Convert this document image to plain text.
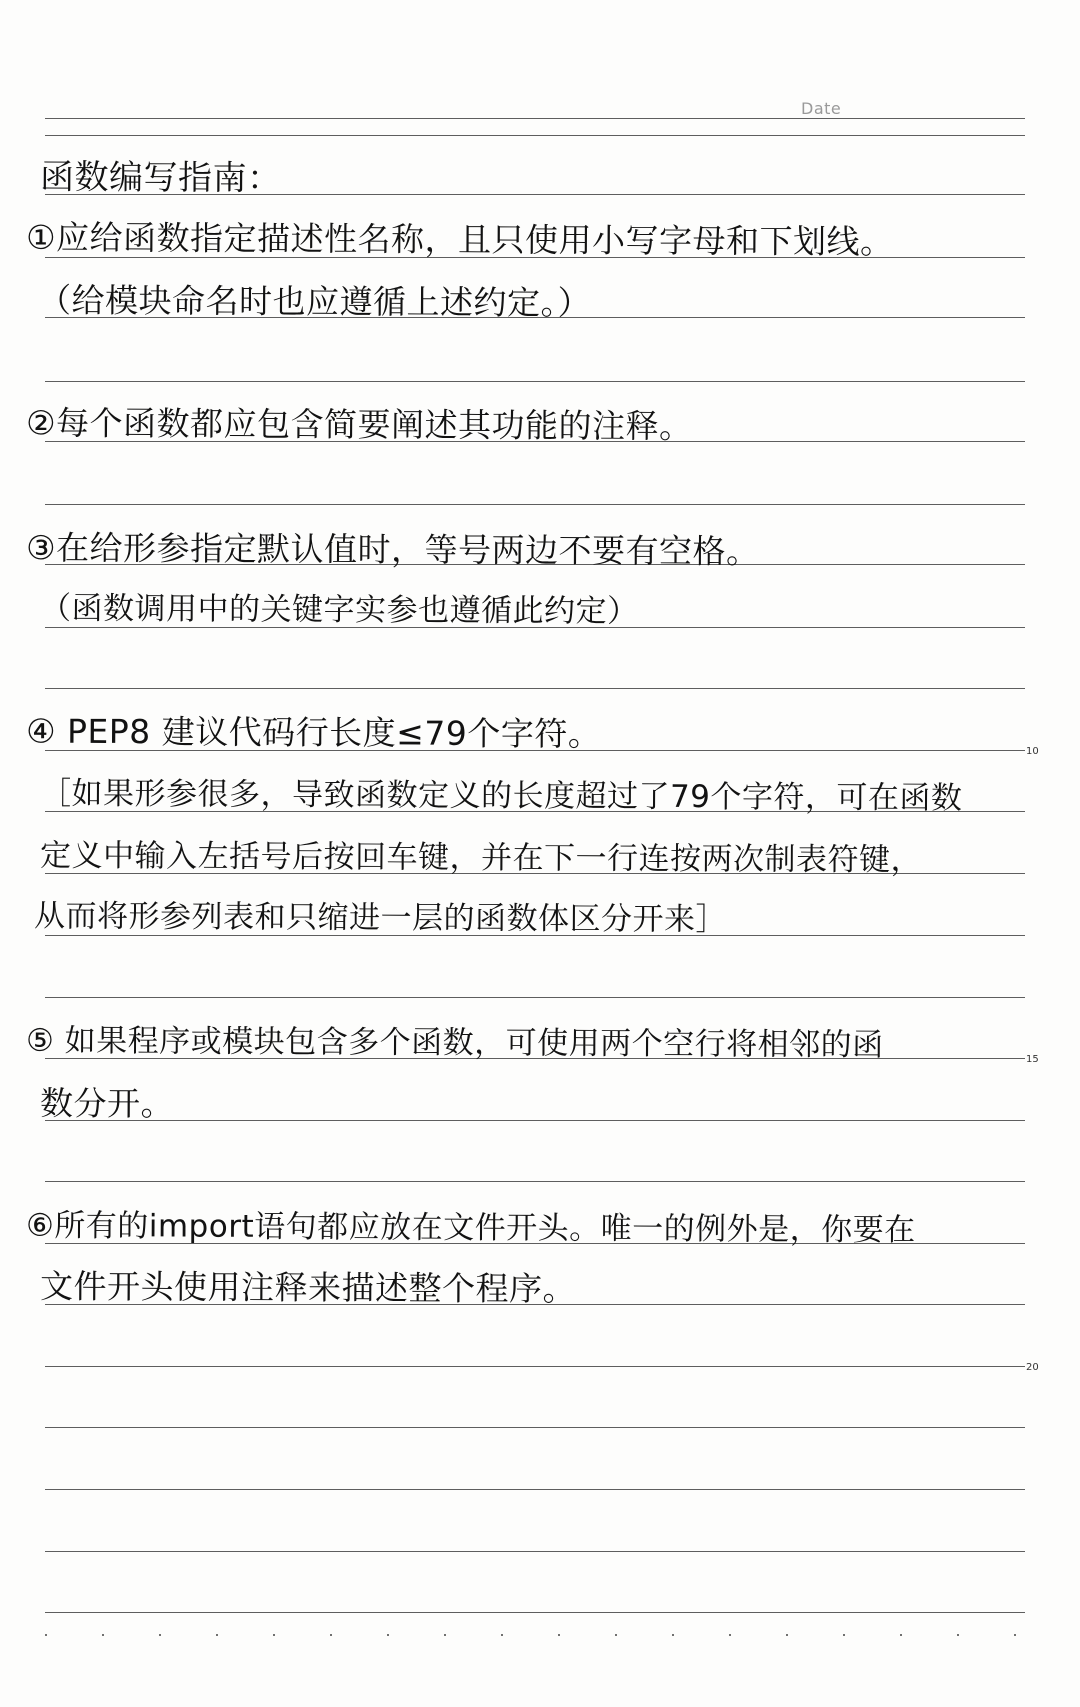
Date
10
15
20
函数编写指南：
①应给函数指定描述性名称，且只使用小写字母和下划线。
（给模块命名时也应遵循上述约定。）
②每个函数都应包含简要阐述其功能的注释。
③在给形参指定默认值时，等号两边不要有空格。
（函数调用中的关键字实参也遵循此约定）
④ PEP8 建议代码行长度≤79个字符。
［如果形参很多，导致函数定义的长度超过了79个字符，可在函数
定义中输入左括号后按回车键，并在下一行连按两次制表符键，
从而将形参列表和只缩进一层的函数体区分开来］
⑤ 如果程序或模块包含多个函数，可使用两个空行将相邻的函
数分开。
⑥所有的import语句都应放在文件开头。唯一的例外是，你要在
文件开头使用注释来描述整个程序。
